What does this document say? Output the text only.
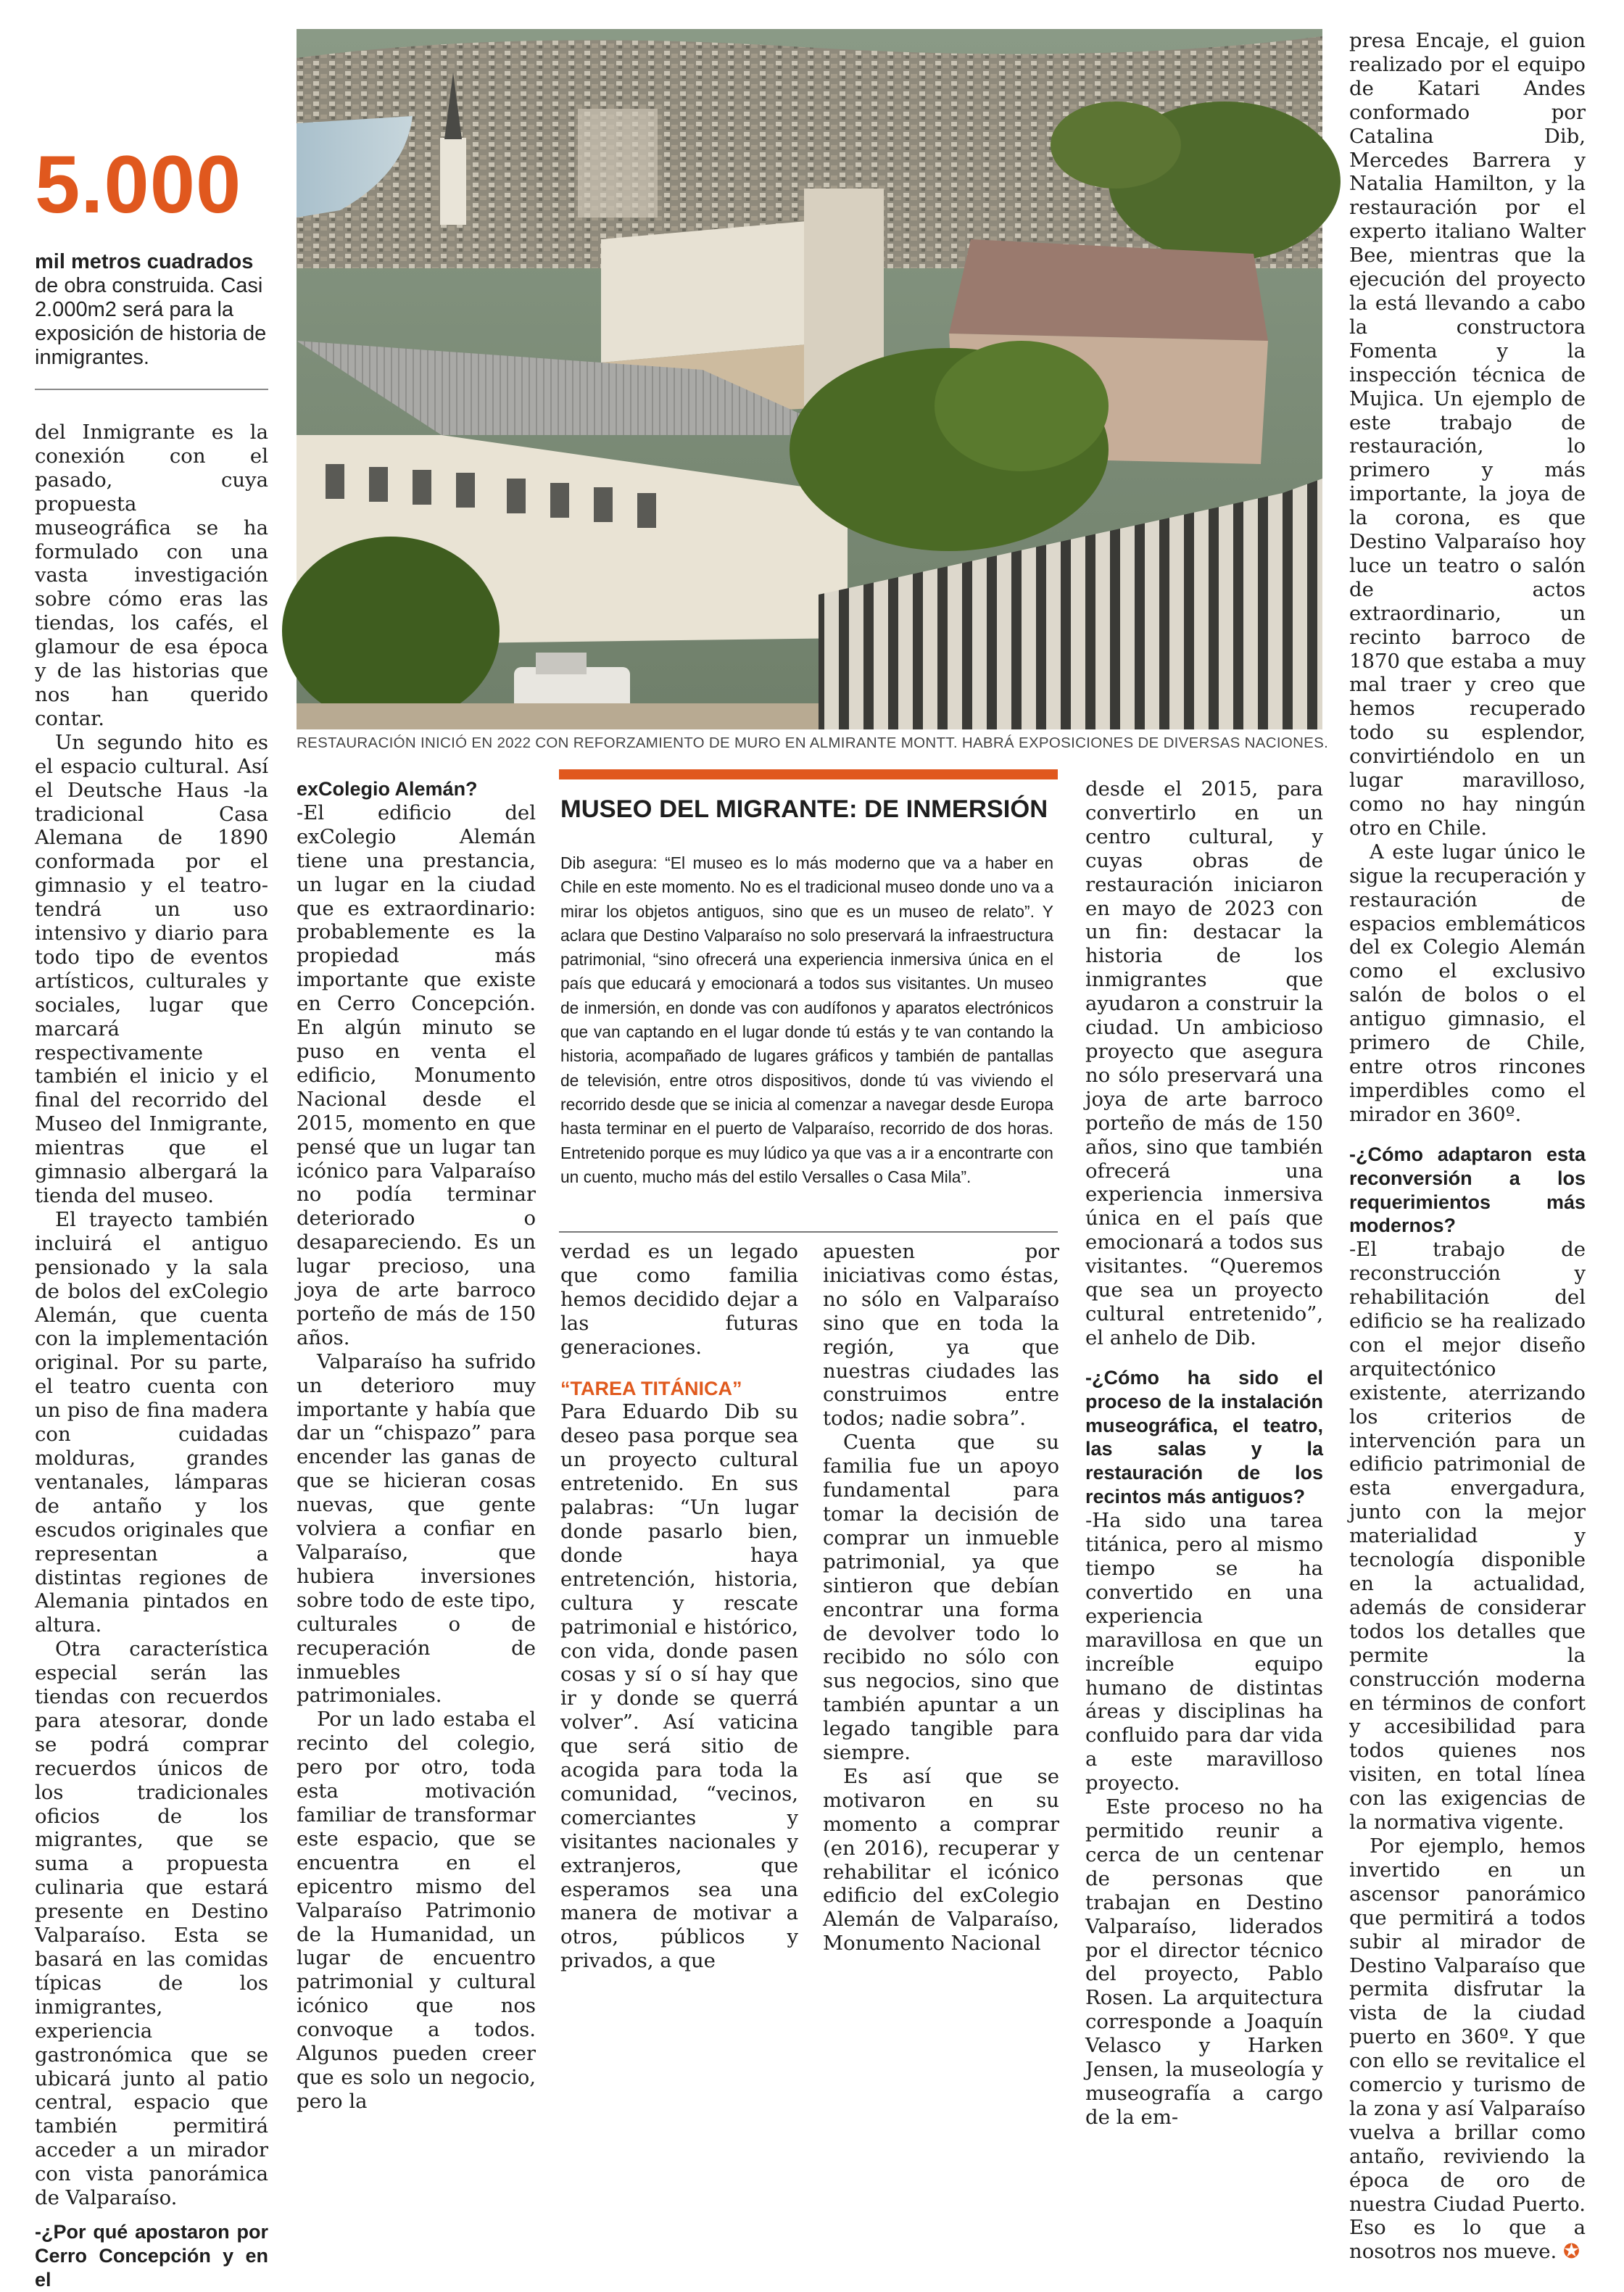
5.000
mil metros cuadrados
de obra construida. Casi 2.000m2 será para la exposición de historia de inmigrantes.
RESTAURACIÓN INICIÓ EN 2022 CON REFORZAMIENTO DE MURO EN ALMIRANTE MONTT. HABRÁ EXPOSICIONES DE DIVERSAS NACIONES.

del Inmigrante es la conexión con el pasado, cuya propuesta museográfica se ha formulado con una vasta investigación sobre cómo eras las tiendas, los cafés, el glamour de esa época y de las historias que nos han querido contar.

Un segundo hito es el espacio cultural. Así el Deutsche Haus -la tradicional Casa Alemana de 1890 conformada por el gimnasio y el teatro- tendrá un uso intensivo y diario para todo tipo de eventos artísticos, culturales y sociales, lugar que marcará respectivamente también el inicio y el final del recorrido del Museo del Inmigrante, mientras que el gimnasio albergará la tienda del museo.

El trayecto también incluirá el antiguo pensionado y la sala de bolos del exColegio Alemán, que cuenta con la implementación original. Por su parte, el teatro cuenta con un piso de fina madera con cuidadas molduras, grandes ventanales, lámparas de antaño y los escudos originales que representan a distintas regiones de Alemania pintados en altura.

Otra característica especial serán las tiendas con recuerdos para atesorar, donde se podrá comprar recuerdos únicos de los tradicionales oficios de los migrantes, que se suma a propuesta culinaria que estará presente en Destino Valparaíso. Esta se basará en las comidas típicas de los inmigrantes, experiencia gastronómica que se ubicará junto al patio central, espacio que también permitirá acceder a un mirador con vista panorámica de Valparaíso.

-¿Por qué apostaron por Cerro Concepción y en el

exColegio Alemán?

-El edificio del exColegio Alemán tiene una prestancia, un lugar en la ciudad que es extraordinario: probablemente es la propiedad más importante que existe en Cerro Concepción. En algún minuto se puso en venta el edificio, Monumento Nacional desde el 2015, momento en que pensé que un lugar tan icónico para Valparaíso no podía terminar deteriorado o desapareciendo. Es un lugar precioso, una joya de arte barroco porteño de más de 150 años.

Valparaíso ha sufrido un deterioro muy importante y había que dar un “chispazo” para encender las ganas de que se hicieran cosas nuevas, que gente volviera a confiar en Valparaíso, que hubiera inversiones sobre todo de este tipo, culturales o de recuperación de inmuebles patrimoniales.

Por un lado estaba el recinto del colegio, pero por otro, toda esta motivación familiar de transformar este espacio, que se encuentra en el epicentro mismo del Valparaíso Patrimonio de la Humanidad, un lugar de encuentro patrimonial y cultural icónico que nos convoque a todos. Algunos pueden creer que es solo un negocio, pero la

MUSEO DEL MIGRANTE: DE INMERSIÓN
Dib asegura: “El museo es lo más moderno que va a haber en Chile en este momento. No es el tradicional museo donde uno va a mirar los objetos antiguos, sino que es un museo de relato”. Y aclara que Destino Valparaíso no solo preservará la infraestructura patrimonial, “sino ofrecerá una experiencia inmersiva única en el país que educará y emocionará a todos sus visitantes. Un museo de inmersión, en donde vas con audífonos y aparatos electrónicos que van captando en el lugar donde tú estás y te van contando la historia, acompañado de lugares gráficos y también de pantallas de televisión, entre otros dispositivos, donde tú vas viviendo el recorrido desde que se inicia al comenzar a navegar desde Europa hasta terminar en el puerto de Valparaíso, recorrido de dos horas. Entretenido porque es muy lúdico ya que vas a ir a encontrarte con un cuento, mucho más del estilo Versalles o Casa Mila”.

verdad es un legado que como familia hemos decidido dejar a las futuras generaciones.

“TAREA TITÁNICA”

Para Eduardo Dib su deseo pasa porque sea un proyecto cultural entretenido. En sus palabras: “Un lugar donde pasarlo bien, donde haya entretención, historia, cultura y rescate patrimonial e histórico, con vida, donde pasen cosas y sí o sí hay que ir y donde se querrá volver”. Así vaticina que será sitio de acogida para toda la comunidad, “vecinos, comerciantes y visitantes nacionales y extranjeros, que esperamos sea una manera de motivar a otros, públicos y privados, a que

apuesten por iniciativas como éstas, no sólo en Valparaíso sino que en toda la región, ya que nuestras ciudades las construimos entre todos; nadie sobra”.

Cuenta que su familia fue un apoyo fundamental para tomar la decisión de comprar un inmueble patrimonial, ya que sintieron que debían encontrar una forma de devolver todo lo recibido no sólo con sus negocios, sino que también apuntar a un legado tangible para siempre.

Es así que se motivaron en su momento a comprar (en 2016), recuperar y rehabilitar el icónico edificio del exColegio Alemán de Valparaíso, Monumento Nacional

desde el 2015, para convertirlo en un centro cultural, y cuyas obras de restauración iniciaron en mayo de 2023 con un fin: destacar la historia de los inmigrantes que ayudaron a construir la ciudad. Un ambicioso proyecto que asegura no sólo preservará una joya de arte barroco porteño de más de 150 años, sino que también ofrecerá una experiencia inmersiva única en el país que emocionará a todos sus visitantes. “Queremos que sea un proyecto cultural entretenido”, el anhelo de Dib.

-¿Cómo ha sido el proceso de la instalación museográfica, el teatro, las salas y la restauración de los recintos más antiguos?

-Ha sido una tarea titánica, pero al mismo tiempo se ha convertido en una experiencia maravillosa en que un increíble equipo humano de distintas áreas y disciplinas ha confluido para dar vida a este maravilloso proyecto.

Este proceso no ha permitido reunir a cerca de un centenar de personas que trabajan en Destino Valparaíso, liderados por el director técnico del proyecto, Pablo Rosen. La arquitectura corresponde a Joaquín Velasco y Harken Jensen, la museología y museografía a cargo de la em-

presa Encaje, el guion realizado por el equipo de Katari Andes conformado por Catalina Dib, Mercedes Barrera y Natalia Hamilton, y la restauración por el experto italiano Walter Bee, mientras que la ejecución del proyecto la está llevando a cabo la constructora Fomenta y la inspección técnica de Mujica. Un ejemplo de este trabajo de restauración, lo primero y más importante, la joya de la corona, es que Destino Valparaíso hoy luce un teatro o salón de actos extraordinario, un recinto barroco de 1870 que estaba a muy mal traer y creo que hemos recuperado todo su esplendor, convirtiéndolo en un lugar maravilloso, como no hay ningún otro en Chile.

A este lugar único le sigue la recuperación y restauración de espacios emblemáticos del ex Colegio Alemán como el exclusivo salón de bolos o el antiguo gimnasio, el primero de Chile, entre otros rincones imperdibles como el mirador en 360º.

-¿Cómo adaptaron esta reconversión a los requerimientos más modernos?

-El trabajo de reconstrucción y rehabilitación del edificio se ha realizado con el mejor diseño arquitectónico existente, aterrizando los criterios de intervención para un edificio patrimonial de esta envergadura, junto con la mejor materialidad y tecnología disponible en la actualidad, además de considerar todos los detalles que permite la construcción moderna en términos de confort y accesibilidad para todos quienes nos visiten, en total línea con las exigencias de la normativa vigente.

Por ejemplo, hemos invertido en un ascensor panorámico que permitirá a todos subir al mirador de Destino Valparaíso que permita disfrutar la vista de la ciudad puerto en 360º. Y que con ello se revitalice el comercio y turismo de la zona y así Valparaíso vuelva a brillar como antaño, reviviendo la época de oro de nuestra Ciudad Puerto. Eso es lo que a nosotros nos mueve. ✪
